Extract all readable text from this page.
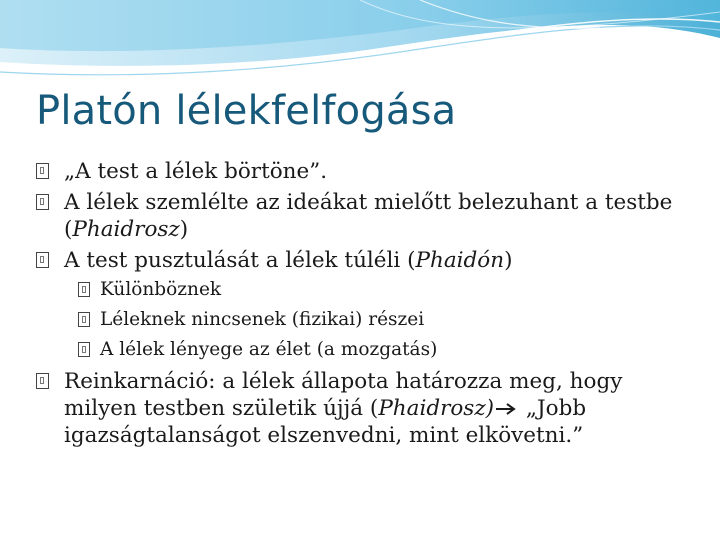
Platón lélekfelfogása

„A test a lélek börtöne”.

A lélek szemlélte az ideákat mielőtt belezuhant a testbe (Phaidrosz)

A test pusztulását a lélek túléli (Phaidón)

Különböznek

Léleknek nincsenek (fizikai) részei

A lélek lényege az élet (a mozgatás)

Reinkarnáció: a lélek állapota határozza meg, hogy milyen testben születik újjá (Phaidrosz) „Jobb igazságtalanságot elszenvedni, mint elkövetni.”
